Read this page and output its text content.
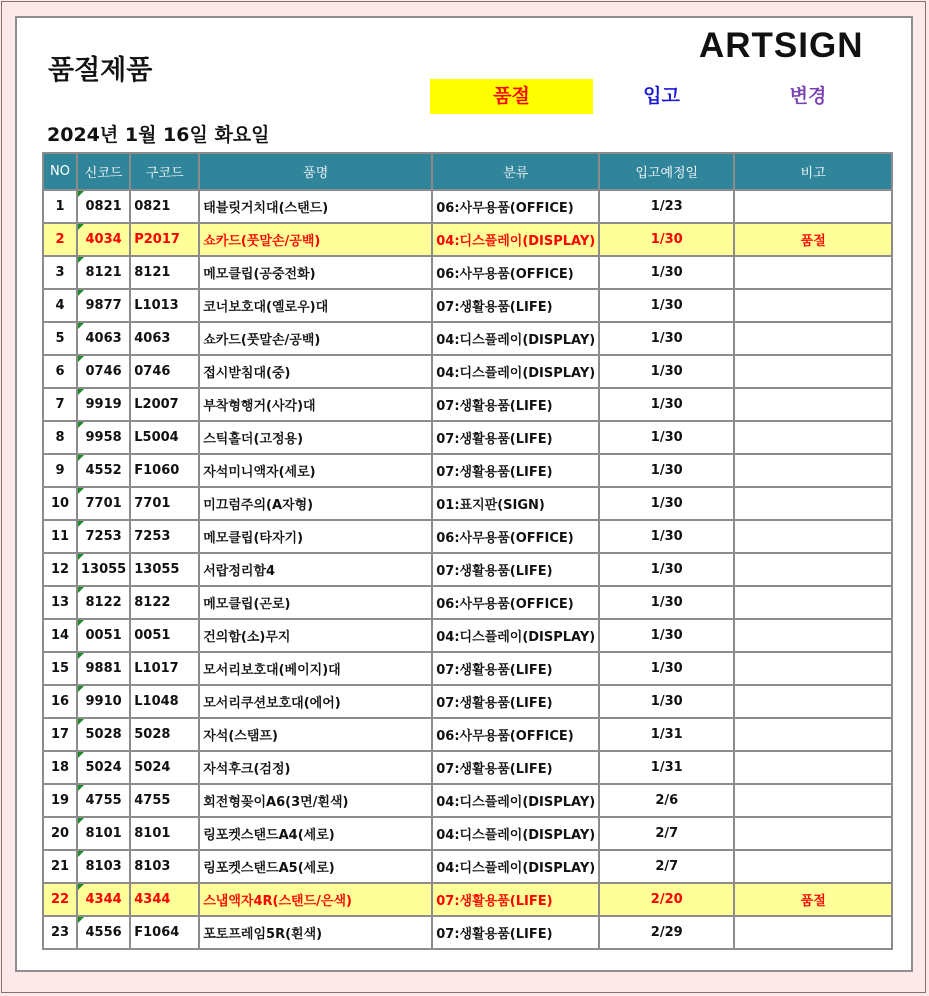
품절제품
ARTSIGN
품절	입고	변경
2024년 1월 16일 화요일
NO	신코드	구코드	품명	분류	입고예정일	비고
1	0821	0821	태블릿거치대(스탠드)	06:사무용품(OFFICE)	1/23	
2	4034	P2017	쇼카드(풋말손/공백)	04:디스플레이(DISPLAY)	1/30	품절
3	8121	8121	메모클립(공중전화)	06:사무용품(OFFICE)	1/30	
4	9877	L1013	코너보호대(옐로우)대	07:생활용품(LIFE)	1/30	
5	4063	4063	쇼카드(풋말손/공백)	04:디스플레이(DISPLAY)	1/30	
6	0746	0746	접시받침대(중)	04:디스플레이(DISPLAY)	1/30	
7	9919	L2007	부착형행거(사각)대	07:생활용품(LIFE)	1/30	
8	9958	L5004	스틱홀더(고정용)	07:생활용품(LIFE)	1/30	
9	4552	F1060	자석미니액자(세로)	07:생활용품(LIFE)	1/30	
10	7701	7701	미끄럼주의(A자형)	01:표지판(SIGN)	1/30	
11	7253	7253	메모클립(타자기)	06:사무용품(OFFICE)	1/30	
12	13055	13055	서랍정리함4	07:생활용품(LIFE)	1/30	
13	8122	8122	메모클립(곤로)	06:사무용품(OFFICE)	1/30	
14	0051	0051	건의함(소)무지	04:디스플레이(DISPLAY)	1/30	
15	9881	L1017	모서리보호대(베이지)대	07:생활용품(LIFE)	1/30	
16	9910	L1048	모서리쿠션보호대(에어)	07:생활용품(LIFE)	1/30	
17	5028	5028	자석(스탬프)	06:사무용품(OFFICE)	1/31	
18	5024	5024	자석후크(검정)	07:생활용품(LIFE)	1/31	
19	4755	4755	회전형꽂이A6(3면/흰색)	04:디스플레이(DISPLAY)	2/6	
20	8101	8101	링포켓스탠드A4(세로)	04:디스플레이(DISPLAY)	2/7	
21	8103	8103	링포켓스탠드A5(세로)	04:디스플레이(DISPLAY)	2/7	
22	4344	4344	스냅액자4R(스탠드/은색)	07:생활용품(LIFE)	2/20	품절
23	4556	F1064	포토프레임5R(흰색)	07:생활용품(LIFE)	2/29	
